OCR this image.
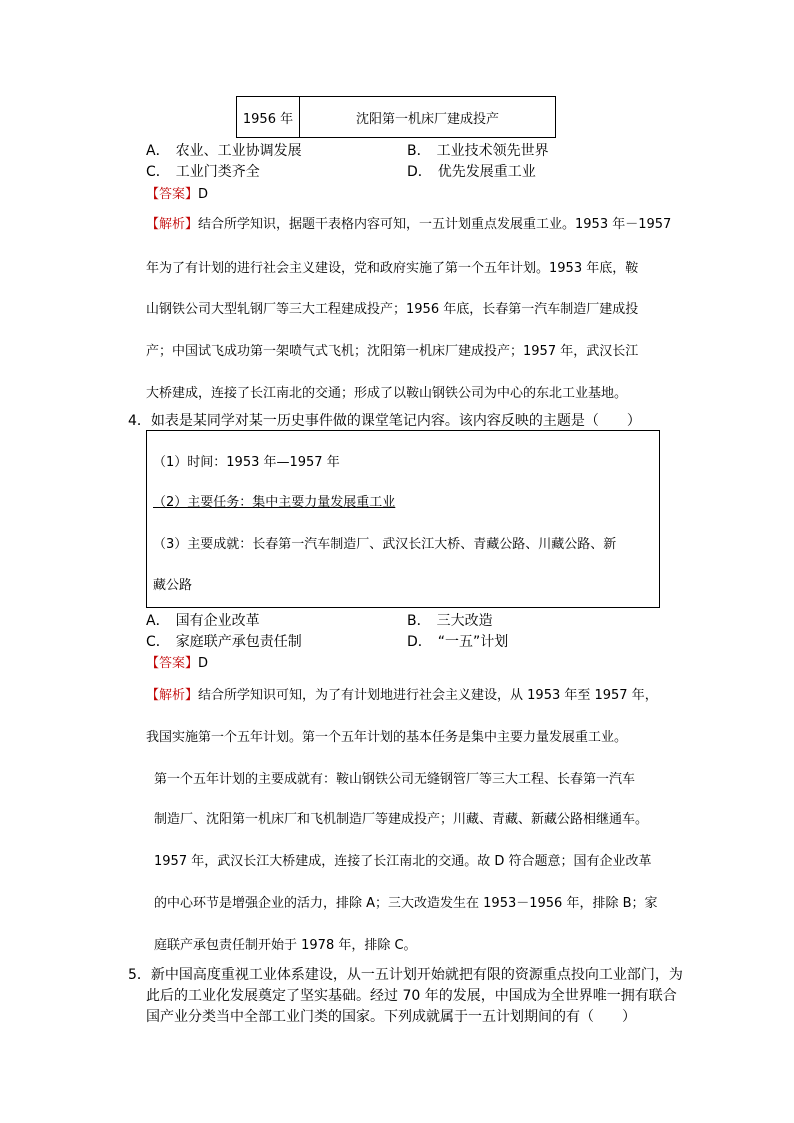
1956 年	沈阳第一机床厂建成投产
A． 农业、工业协调发展	B． 工业技术领先世界
C． 工业门类齐全	D． 优先发展重工业
【答案】D
【解析】结合所学知识，据题干表格内容可知，一五计划重点发展重工业。1953 年－1957
年为了有计划的进行社会主义建设，党和政府实施了第一个五年计划。1953 年底，鞍
山钢铁公司大型轧钢厂等三大工程建成投产；1956 年底，长春第一汽车制造厂建成投
产；中国试飞成功第一架喷气式飞机；沈阳第一机床厂建成投产；1957 年，武汉长江
大桥建成，连接了长江南北的交通；形成了以鞍山钢铁公司为中心的东北工业基地。
4．如表是某同学对某一历史事件做的课堂笔记内容。该内容反映的主题是（　　）
（1）时间：1953 年—1957 年
（2）主要任务：集中主要力量发展重工业
（3）主要成就：长春第一汽车制造厂、武汉长江大桥、青藏公路、川藏公路、新
藏公路
A． 国有企业改革	B． 三大改造
C． 家庭联产承包责任制	D． “一五”计划
【答案】D
【解析】结合所学知识可知，为了有计划地进行社会主义建设，从 1953 年至 1957 年，
我国实施第一个五年计划。第一个五年计划的基本任务是集中主要力量发展重工业。
第一个五年计划的主要成就有：鞍山钢铁公司无缝钢管厂等三大工程、长春第一汽车
制造厂、沈阳第一机床厂和飞机制造厂等建成投产；川藏、青藏、新藏公路相继通车。
1957 年，武汉长江大桥建成，连接了长江南北的交通。故 D 符合题意；国有企业改革
的中心环节是增强企业的活力，排除 A；三大改造发生在 1953－1956 年，排除 B；家
庭联产承包责任制开始于 1978 年，排除 C。
5．新中国高度重视工业体系建设，从一五计划开始就把有限的资源重点投向工业部门，为
此后的工业化发展奠定了坚实基础。经过 70 年的发展，中国成为全世界唯一拥有联合
国产业分类当中全部工业门类的国家。下列成就属于一五计划期间的有（　　）
